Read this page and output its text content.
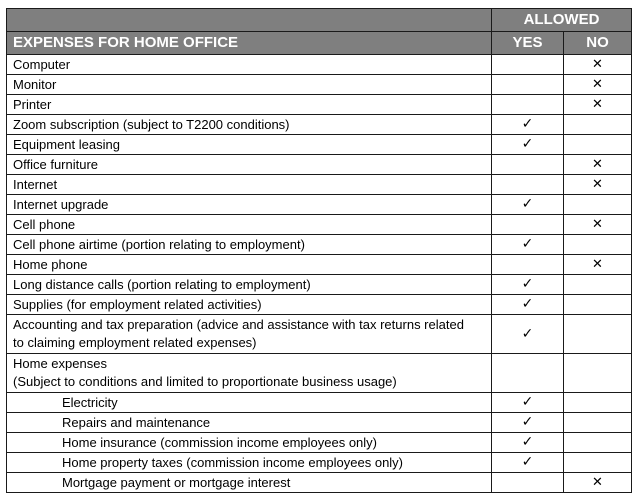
	ALLOWED	
EXPENSES FOR HOME OFFICE	YES	NO
Computer		✕
Monitor		✕
Printer		✕
Zoom subscription (subject to T2200 conditions)	✓	
Equipment leasing	✓	
Office furniture		✕
Internet		✕
Internet upgrade	✓	
Cell phone		✕
Cell phone airtime (portion relating to employment)	✓	
Home phone		✕
Long distance calls (portion relating to employment)	✓	
Supplies (for employment related activities)	✓	
Accounting and tax preparation (advice and assistance with tax returns related
to claiming employment related expenses)	✓	
Home expenses
(Subject to conditions and limited to proportionate business usage)		
Electricity	✓	
Repairs and maintenance	✓	
Home insurance (commission income employees only)	✓	
Home property taxes (commission income employees only)	✓	
Mortgage payment or mortgage interest		✕
